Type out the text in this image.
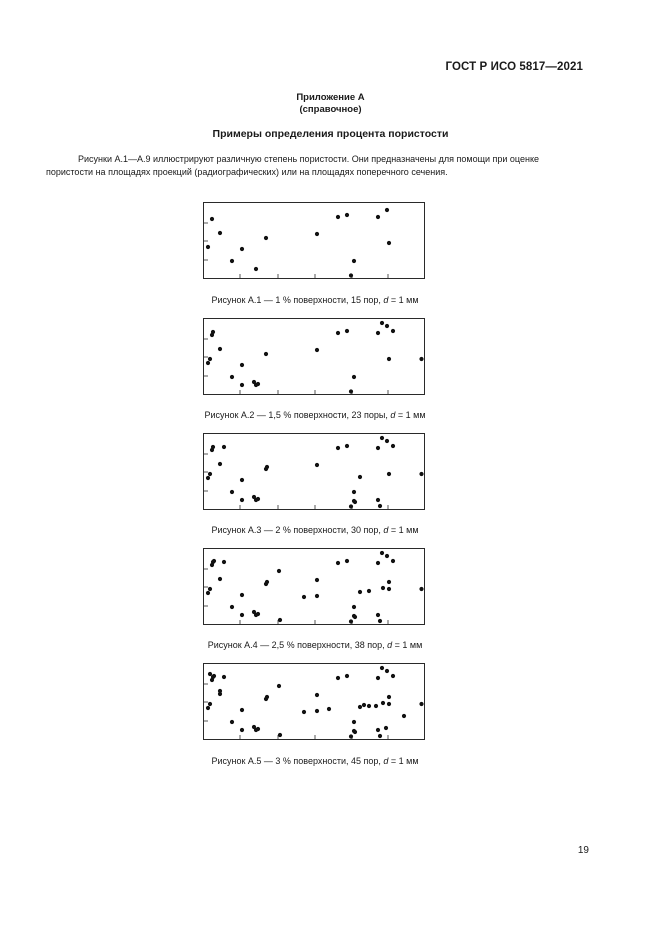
ГОСТ Р ИСО 5817—2021
Приложение А
(справочное)
Примеры определения процента пористости
Рисунки А.1—А.9 иллюстрируют различную степень пористости. Они предназначены для помощи при оценке пористости на площадях проекций (радиографических) или на площадях поперечного сечения.
Рисунок А.1 — 1 % поверхности, 15 пор, d = 1 мм
Рисунок А.2 — 1,5 % поверхности, 23 поры, d = 1 мм
Рисунок А.3 — 2 % поверхности, 30 пор, d = 1 мм
Рисунок А.4 — 2,5 % поверхности, 38 пор, d = 1 мм
Рисунок А.5 — 3 % поверхности, 45 пор, d = 1 мм
19
